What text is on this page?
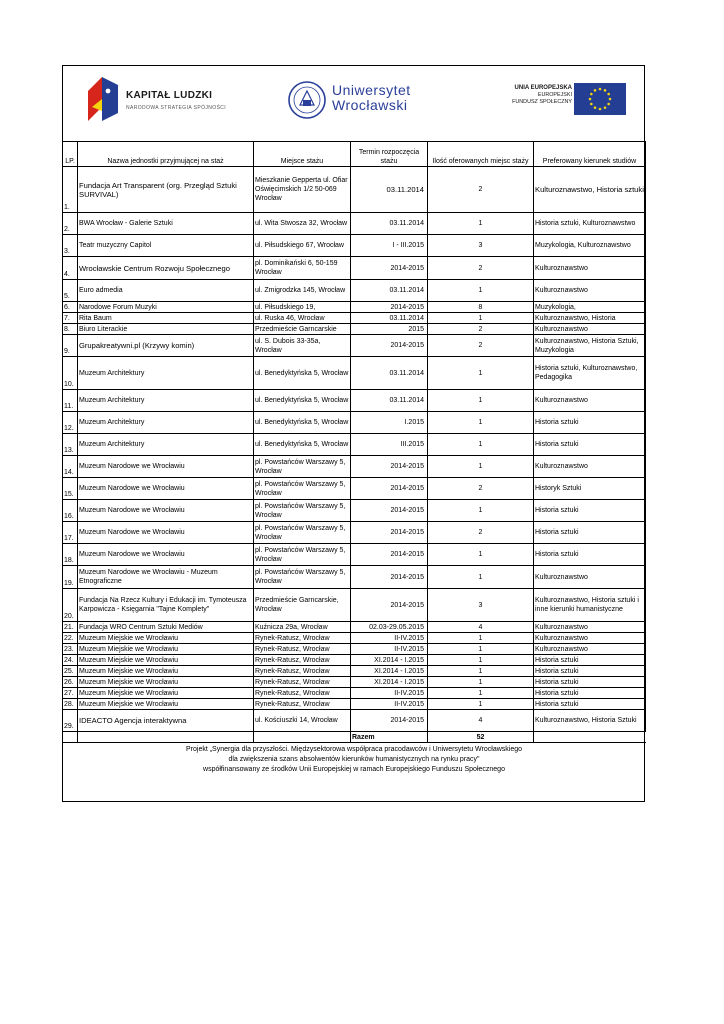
KAPITAŁ LUDZKI
NARODOWA STRATEGIA SPÓJNOŚCI
Uniwersytet
Wrocławski
UNIA EUROPEJSKA
EUROPEJSKI
FUNDUSZ SPOŁECZNY
LP.	Nazwa jednostki przyjmującej na staż	Miejsce stażu	Termin rozpoczęcia stażu	Ilość oferowanych miejsc staży	Preferowany kierunek studiów
1.	Fundacja Art Transparent (org. Przegląd Sztuki SURVIVAL)	Mieszkanie Gepperta ul. Ofiar Oświęcimskich 1/2 50-069 Wrocław	03.11.2014	2	Kulturoznawstwo, Historia sztuki
2.	BWA Wrocław - Galerie Sztuki	ul. Wita Stwosza 32, Wrocław	03.11.2014	1	Historia sztuki, Kulturoznawstwo
3.	Teatr muzyczny Capitol	ul. Piłsudskiego 67, Wrocław	I - III.2015	3	Muzykologia, Kulturoznawstwo
4.	Wrocławskie Centrum Rozwoju Społecznego	pl. Dominikański 6, 50-159 Wrocław	2014-2015	2	Kulturoznawstwo
5.	Euro admedia	ul. Zmigrodzka 145, Wrocław	03.11.2014	1	Kulturoznawstwo
6.	Narodowe Forum Muzyki	ul. Piłsudskiego 19,	2014-2015	8	Muzykologia,
7.	Rita Baum	ul. Ruska 46, Wrocław	03.11.2014	1	Kulturoznawstwo, Historia
8.	Biuro Literackie	Przedmieście Garncarskie	2015	2	Kulturoznawstwo
9.	Grupakreatywni.pl (Krzywy komin)	ul. S. Dubois 33-35a, Wrocław	2014-2015	2	Kulturoznawstwo, Historia Sztuki, Muzykologia
10.	Muzeum Architektury	ul. Benedyktyńska 5, Wrocław	03.11.2014	1	Historia sztuki, Kulturoznawstwo, Pedagogika
11.	Muzeum Architektury	ul. Benedyktyńska 5, Wrocław	03.11.2014	1	Kulturoznawstwo
12.	Muzeum Architektury	ul. Benedyktyńska 5, Wrocław	I.2015	1	Historia sztuki
13.	Muzeum Architektury	ul. Benedyktyńska 5, Wrocław	III.2015	1	Historia sztuki
14.	Muzeum Narodowe we Wrocławiu	pl. Powstańców Warszawy 5, Wrocław	2014-2015	1	Kulturoznawstwo
15.	Muzeum Narodowe we Wrocławiu	pl. Powstańców Warszawy 5, Wrocław	2014-2015	2	Historyk Sztuki
16.	Muzeum Narodowe we Wrocławiu	pl. Powstańców Warszawy 5, Wrocław	2014-2015	1	Historia sztuki
17.	Muzeum Narodowe we Wrocławiu	pl. Powstańców Warszawy 5, Wrocław	2014-2015	2	Historia sztuki
18.	Muzeum Narodowe we Wrocławiu	pl. Powstańców Warszawy 5, Wrocław	2014-2015	1	Historia sztuki
19.	Muzeum Narodowe we Wrocławiu - Muzeum Etnograficzne	pl. Powstańców Warszawy 5, Wrocław	2014-2015	1	Kulturoznawstwo
20.	Fundacja Na Rzecz Kultury i Edukacji im. Tymoteusza Karpowicza - Księgarnia "Tajne Komplety"	Przedmieście Garncarskie, Wrocław	2014-2015	3	Kulturoznawstwo, Historia sztuki i inne kierunki humanistyczne
21.	Fundacja WRO Centrum Sztuki Mediów	Kuźnicza 29a, Wrocław	02.03-29.05.2015	4	Kulturoznawstwo
22.	Muzeum Miejskie we Wrocławiu	Rynek-Ratusz, Wrocław	II-IV.2015	1	Kulturoznawstwo
23.	Muzeum Miejskie we Wrocławiu	Rynek-Ratusz, Wrocław	II-IV.2015	1	Kulturoznawstwo
24.	Muzeum Miejskie we Wrocławiu	Rynek-Ratusz, Wrocław	XI.2014 - I.2015	1	Historia sztuki
25.	Muzeum Miejskie we Wrocławiu	Rynek-Ratusz, Wrocław	XI.2014 - I.2015	1	Historia sztuki
26.	Muzeum Miejskie we Wrocławiu	Rynek-Ratusz, Wrocław	XI.2014 - I.2015	1	Historia sztuki
27.	Muzeum Miejskie we Wrocławiu	Rynek-Ratusz, Wrocław	II-IV.2015	1	Historia sztuki
28.	Muzeum Miejskie we Wrocławiu	Rynek-Ratusz, Wrocław	II-IV.2015	1	Historia sztuki
29.	IDEACTO Agencja interaktywna	ul. Kościuszki 14, Wrocław	2014-2015	4	Kulturoznawstwo, Historia Sztuki
			Razem	52	

Projekt „Synergia dla przyszłości. Międzysektorowa współpraca pracodawców i Uniwersytetu Wrocławskiego
dla zwiększenia szans absolwentów kierunków humanistycznych na rynku pracy"
współfinansowany ze środków Unii Europejskiej w ramach Europejskiego Funduszu Społecznego					
